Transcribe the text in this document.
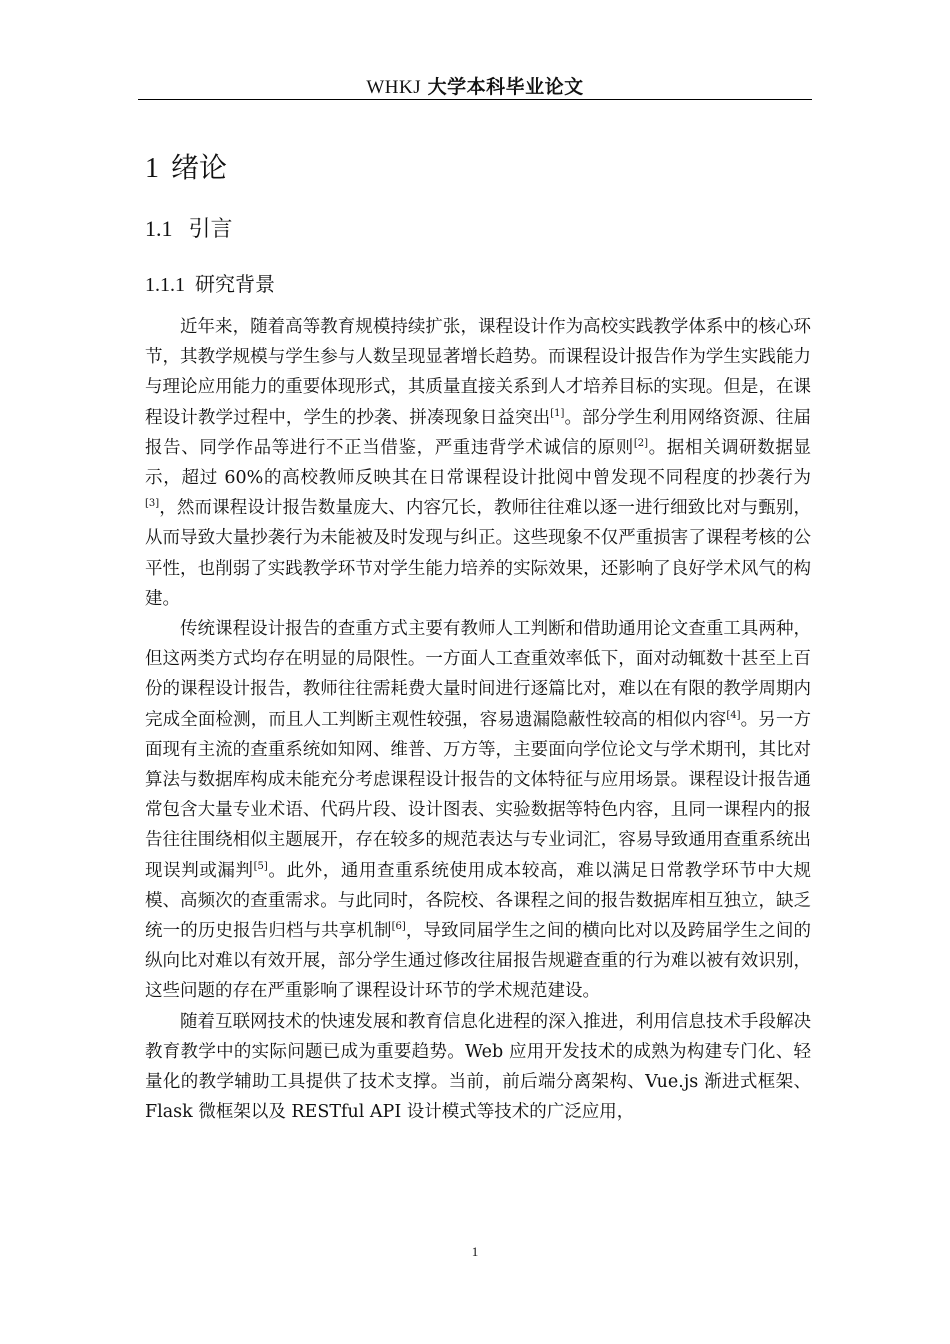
WHKJ 大学本科毕业论文
1 绪论
1.1 引言
1.1.1 研究背景

近年来，随着高等教育规模持续扩张，课程设计作为高校实践教学体系中的核心环节，其教学规模与学生参与人数呈现显著增长趋势。而课程设计报告作为学生实践能力与理论应用能力的重要体现形式，其质量直接关系到人才培养目标的实现。但是，在课程设计教学过程中，学生的抄袭、拼凑现象日益突出[1]。部分学生利用网络资源、往届报告、同学作品等进行不正当借鉴，严重违背学术诚信的原则[2]。据相关调研数据显示，超过 60%的高校教师反映其在日常课程设计批阅中曾发现不同程度的抄袭行为[3]，然而课程设计报告数量庞大、内容冗长，教师往往难以逐一进行细致比对与甄别，从而导致大量抄袭行为未能被及时发现与纠正。这些现象不仅严重损害了课程考核的公平性，也削弱了实践教学环节对学生能力培养的实际效果，还影响了良好学术风气的构建。

传统课程设计报告的查重方式主要有教师人工判断和借助通用论文查重工具两种，但这两类方式均存在明显的局限性。一方面人工查重效率低下，面对动辄数十甚至上百份的课程设计报告，教师往往需耗费大量时间进行逐篇比对，难以在有限的教学周期内完成全面检测，而且人工判断主观性较强，容易遗漏隐蔽性较高的相似内容[4]。另一方面现有主流的查重系统如知网、维普、万方等，主要面向学位论文与学术期刊，其比对算法与数据库构成未能充分考虑课程设计报告的文体特征与应用场景。课程设计报告通常包含大量专业术语、代码片段、设计图表、实验数据等特色内容，且同一课程内的报告往往围绕相似主题展开，存在较多的规范表达与专业词汇，容易导致通用查重系统出现误判或漏判[5]。此外，通用查重系统使用成本较高，难以满足日常教学环节中大规模、高频次的查重需求。与此同时，各院校、各课程之间的报告数据库相互独立，缺乏统一的历史报告归档与共享机制[6]，导致同届学生之间的横向比对以及跨届学生之间的纵向比对难以有效开展，部分学生通过修改往届报告规避查重的行为难以被有效识别，这些问题的存在严重影响了课程设计环节的学术规范建设。

随着互联网技术的快速发展和教育信息化进程的深入推进，利用信息技术手段解决教育教学中的实际问题已成为重要趋势。Web 应用开发技术的成熟为构建专门化、轻量化的教学辅助工具提供了技术支撑。当前，前后端分离架构、Vue.js 渐进式框架、Flask 微框架以及 RESTful API 设计模式等技术的广泛应用，

1
